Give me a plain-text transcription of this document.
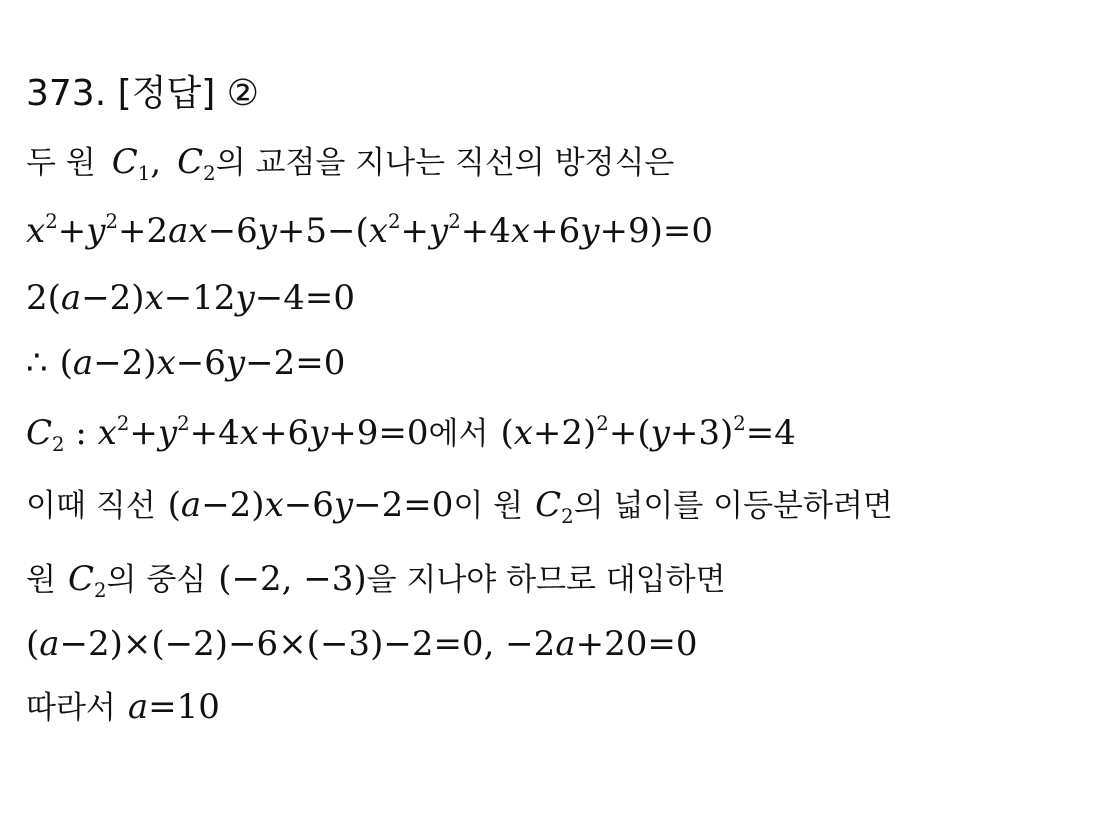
373. [정답] ②
두 원 $C_1$, $C_2$의 교점을 지나는 직선의 방정식은
$x^2+y^2+2ax-6y+5-(x^2+y^2+4x+6y+9)=0$
2(a−2)x−12y−4=0
∴ (a−2)x−6y−2=0
$C_2$ : $x^2+y^2+4x+6y+9=0$에서 $(x+2)^2+(y+3)^2=4$
이때 직선 (a−2)x−6y−2=0이 원 $C_2$의 넓이를 이등분하려면
원 $C_2$의 중심 (−2, −3)을 지나야 하므로 대입하면
(a−2)×(−2)−6×(−3)−2=0, −2a+20=0
따라서 a=10
